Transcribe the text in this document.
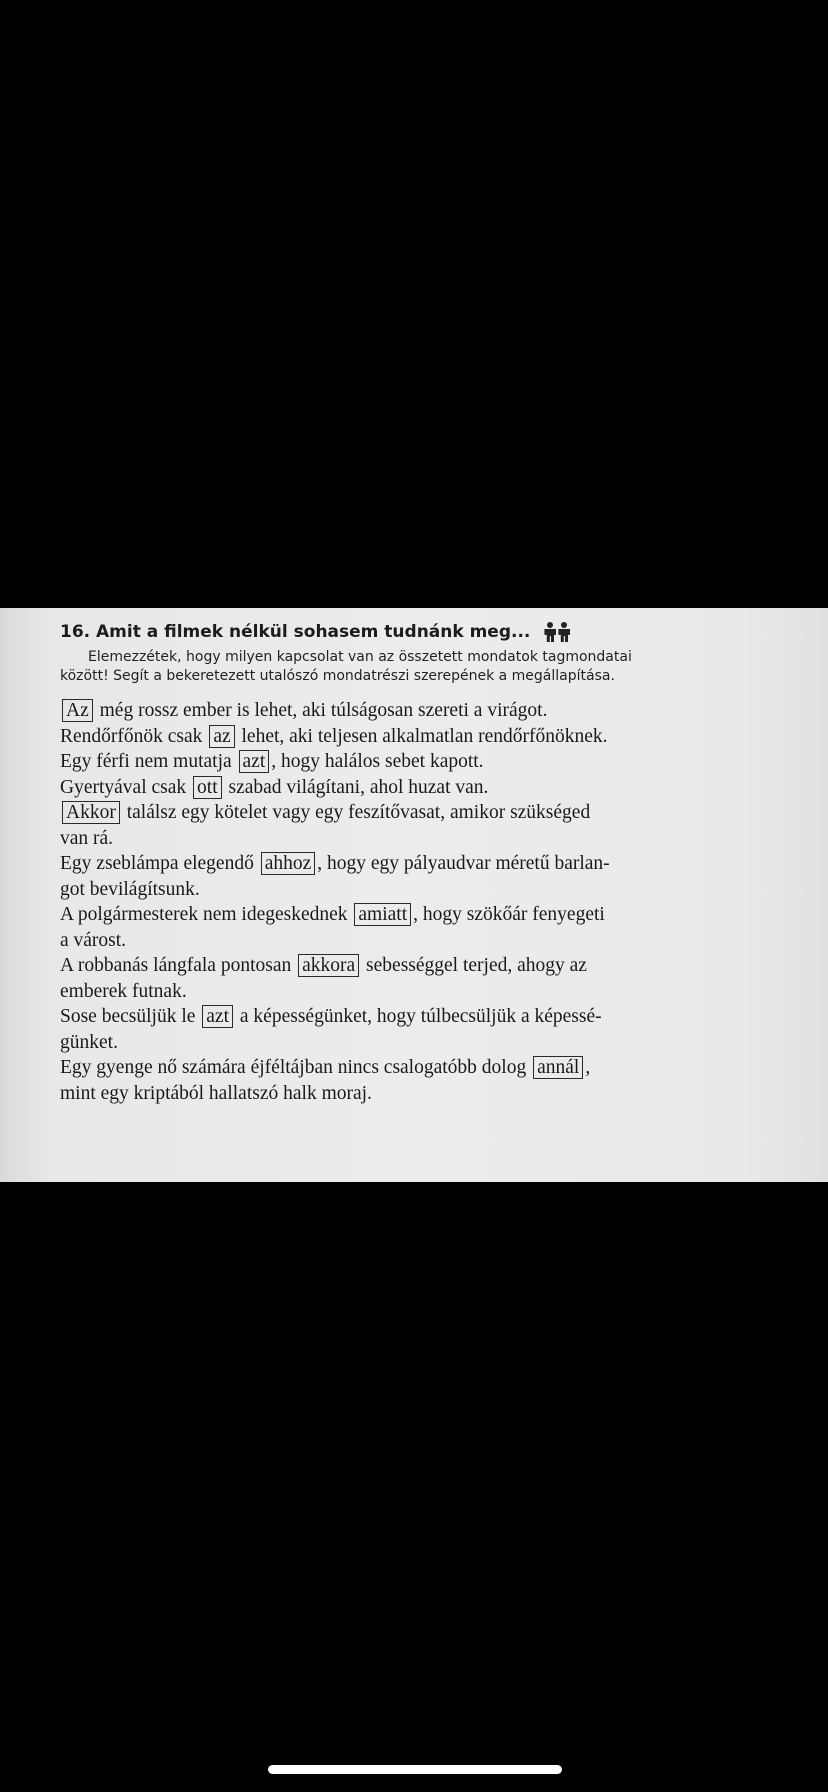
16. Amit a filmek nélkül sohasem tudnánk meg...
Elemezzétek, hogy milyen kapcsolat van az összetett mondatok tagmondatai
között! Segít a bekeretezett utalószó mondatrészi szerepének a megállapítása.
Az még rossz ember is lehet, aki túlságosan szereti a virágot.
Rendőrfőnök csak az lehet, aki teljesen alkalmatlan rendőrfőnöknek.
Egy férfi nem mutatja azt , hogy halálos sebet kapott.
Gyertyával csak ott szabad világítani, ahol huzat van.
Akkor találsz egy kötelet vagy egy feszítővasat, amikor szükséged
van rá.
Egy zseblámpa elegendő ahhoz , hogy egy pályaudvar méretű barlan-
got bevilágítsunk.
A polgármesterek nem idegeskednek amiatt , hogy szökőár fenyegeti
a várost.
A robbanás lángfala pontosan akkora sebességgel terjed, ahogy az
emberek futnak.
Sose becsüljük le azt a képességünket, hogy túlbecsüljük a képessé-
günket.
Egy gyenge nő számára éjféltájban nincs csalogatóbb dolog annál ,
mint egy kriptából hallatszó halk moraj.
